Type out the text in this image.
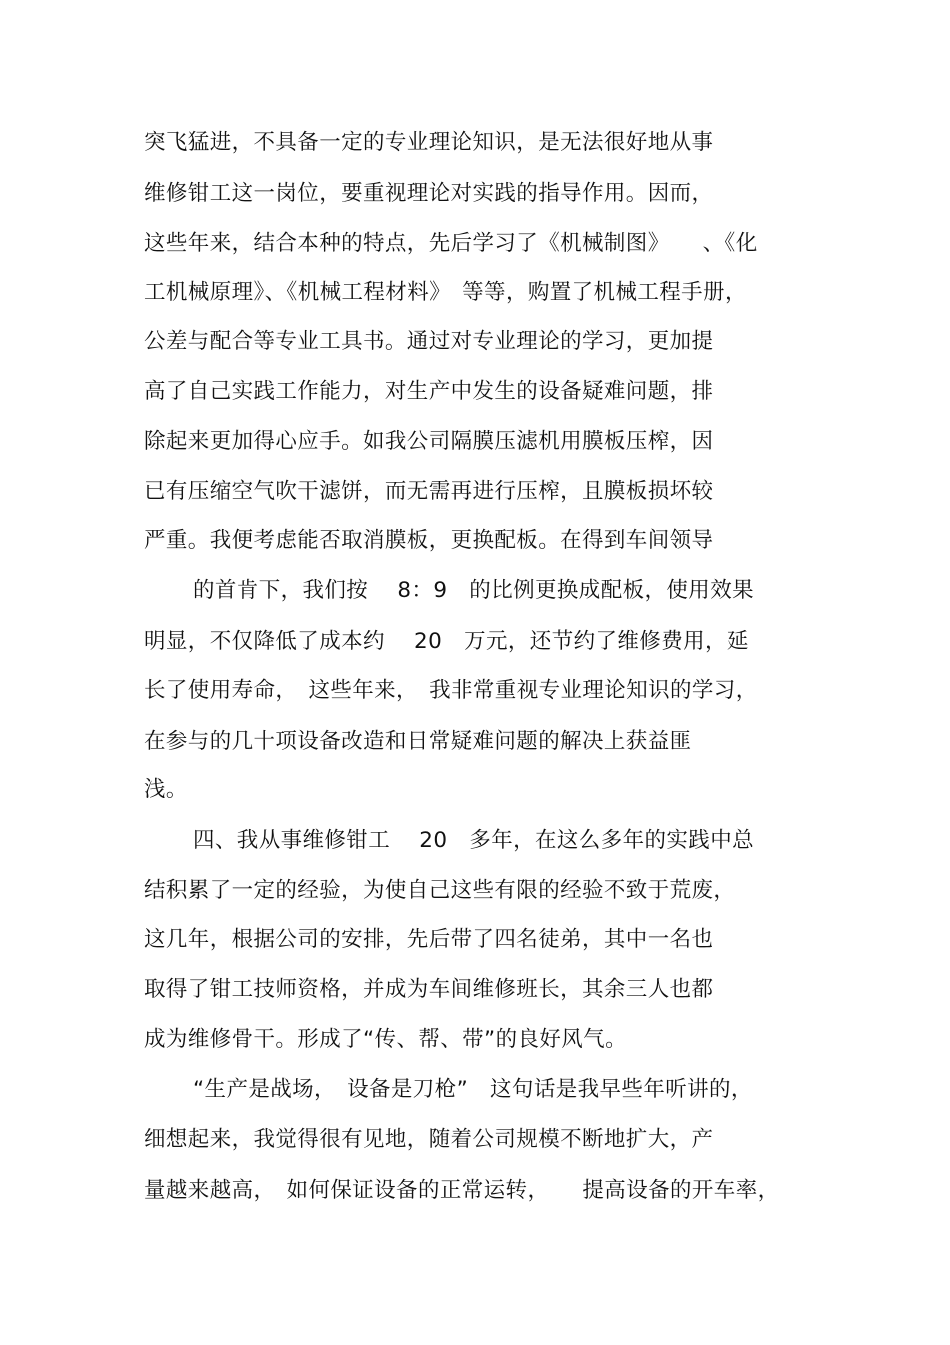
突飞猛进，不具备一定的专业理论知识，是无法很好地从事
维修钳工这一岗位，要重视理论对实践的指导作用。因而，
这些年来，结合本种的特点，先后学习了《机械制图》　　、《化
工机械原理》、《机械工程材料》　等等，购置了机械工程手册，
公差与配合等专业工具书。通过对专业理论的学习，更加提
高了自己实践工作能力，对生产中发生的设备疑难问题，排
除起来更加得心应手。如我公司隔膜压滤机用膜板压榨，因
已有压缩空气吹干滤饼，而无需再进行压榨，且膜板损坏较
严重。我便考虑能否取消膜板，更换配板。在得到车间领导
的首肯下，我们按　 8：9　的比例更换成配板，使用效果
明显，不仅降低了成本约　 20　万元，还节约了维修费用，延
长了使用寿命，　这些年来，　我非常重视专业理论知识的学习，
在参与的几十项设备改造和日常疑难问题的解决上获益匪
浅。
四、我从事维修钳工　 20　多年，在这么多年的实践中总
结积累了一定的经验，为使自己这些有限的经验不致于荒废，
这几年，根据公司的安排，先后带了四名徒弟，其中一名也
取得了钳工技师资格，并成为车间维修班长，其余三人也都
成为维修骨干。形成了“传、帮、带”的良好风气。
“生产是战场，　设备是刀枪”　这句话是我早些年听讲的，
细想起来，我觉得很有见地，随着公司规模不断地扩大，产
量越来越高，　如何保证设备的正常运转，　　提高设备的开车率，
